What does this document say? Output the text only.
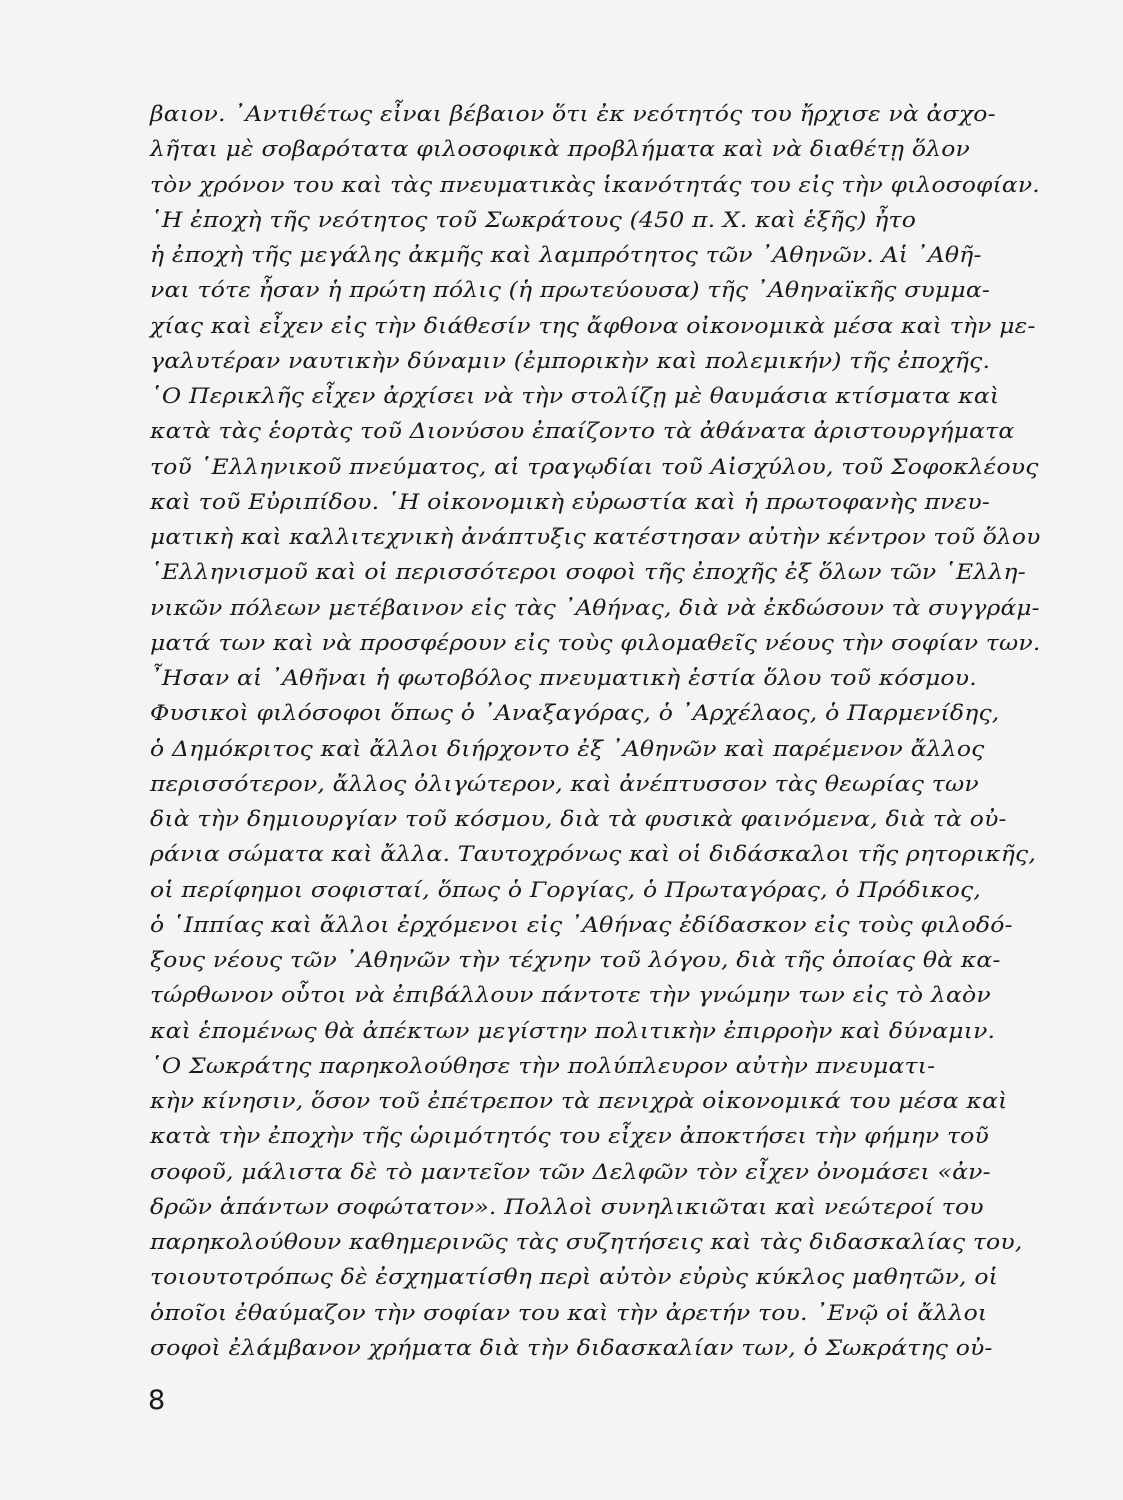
βαιον. ᾿Αντιθέτως εἶναι βέβαιον ὅτι ἐκ νεότητός του ἤρχισε νὰ ἀσχο-
λῆται μὲ σοβαρότατα φιλοσοφικὰ προβλήματα καὶ νὰ διαθέτῃ ὅλον
τὸν χρόνον του καὶ τὰς πνευματικὰς ἱκανότητάς του εἰς τὴν φιλοσοφίαν.
῾Η ἐποχὴ τῆς νεότητος τοῦ Σωκράτους (450 π. Χ. καὶ ἑξῆς) ἦτο
ἡ ἐποχὴ τῆς μεγάλης ἀκμῆς καὶ λαμπρότητος τῶν ᾿Αθηνῶν. Αἱ ᾿Αθῆ-
ναι τότε ἦσαν ἡ πρώτη πόλις (ἡ πρωτεύουσα) τῆς ᾿Αθηναϊκῆς συμμα-
χίας καὶ εἶχεν εἰς τὴν διάθεσίν της ἄφθονα οἰκονομικὰ μέσα καὶ τὴν με-
γαλυτέραν ναυτικὴν δύναμιν (ἐμπορικὴν καὶ πολεμικήν) τῆς ἐποχῆς.
῾Ο Περικλῆς εἶχεν ἀρχίσει νὰ τὴν στολίζῃ μὲ θαυμάσια κτίσματα καὶ
κατὰ τὰς ἑορτὰς τοῦ Διονύσου ἐπαίζοντο τὰ ἀθάνατα ἀριστουργήματα
τοῦ ῾Ελληνικοῦ πνεύματος, αἱ τραγῳδίαι τοῦ Αἰσχύλου, τοῦ Σοφοκλέους
καὶ τοῦ Εὐριπίδου. ῾Η οἰκονομικὴ εὐρωστία καὶ ἡ πρωτοφανὴς πνευ-
ματικὴ καὶ καλλιτεχνικὴ ἀνάπτυξις κατέστησαν αὐτὴν κέντρον τοῦ ὅλου
῾Ελληνισμοῦ καὶ οἱ περισσότεροι σοφοὶ τῆς ἐποχῆς ἐξ ὅλων τῶν ῾Ελλη-
νικῶν πόλεων μετέβαινον εἰς τὰς ᾿Αθήνας, διὰ νὰ ἐκδώσουν τὰ συγγράμ-
ματά των καὶ νὰ προσφέρουν εἰς τοὺς φιλομαθεῖς νέους τὴν σοφίαν των.
῏Ησαν αἱ ᾿Αθῆναι ἡ φωτοβόλος πνευματικὴ ἑστία ὅλου τοῦ κόσμου.
Φυσικοὶ φιλόσοφοι ὅπως ὁ ᾿Αναξαγόρας, ὁ ᾿Αρχέλαος, ὁ Παρμενίδης,
ὁ Δημόκριτος καὶ ἄλλοι διήρχοντο ἐξ ᾿Αθηνῶν καὶ παρέμενον ἄλλος
περισσότερον, ἄλλος ὀλιγώτερον, καὶ ἀνέπτυσσον τὰς θεωρίας των
διὰ τὴν δημιουργίαν τοῦ κόσμου, διὰ τὰ φυσικὰ φαινόμενα, διὰ τὰ οὐ-
ράνια σώματα καὶ ἄλλα. Ταυτοχρόνως καὶ οἱ διδάσκαλοι τῆς ρητορικῆς,
οἱ περίφημοι σοφισταί, ὅπως ὁ Γοργίας, ὁ Πρωταγόρας, ὁ Πρόδικος,
ὁ ῾Ιππίας καὶ ἄλλοι ἐρχόμενοι εἰς ᾿Αθήνας ἐδίδασκον εἰς τοὺς φιλοδό-
ξους νέους τῶν ᾿Αθηνῶν τὴν τέχνην τοῦ λόγου, διὰ τῆς ὁποίας θὰ κα-
τώρθωνον οὗτοι νὰ ἐπιβάλλουν πάντοτε τὴν γνώμην των εἰς τὸ λαὸν
καὶ ἑπομένως θὰ ἀπέκτων μεγίστην πολιτικὴν ἐπιρροὴν καὶ δύναμιν.
῾Ο Σωκράτης παρηκολούθησε τὴν πολύπλευρον αὐτὴν πνευματι-
κὴν κίνησιν, ὅσον τοῦ ἐπέτρεπον τὰ πενιχρὰ οἰκονομικά του μέσα καὶ
κατὰ τὴν ἐποχὴν τῆς ὡριμότητός του εἶχεν ἀποκτήσει τὴν φήμην τοῦ
σοφοῦ, μάλιστα δὲ τὸ μαντεῖον τῶν Δελφῶν τὸν εἶχεν ὀνομάσει «ἀν-
δρῶν ἁπάντων σοφώτατον». Πολλοὶ συνηλικιῶται καὶ νεώτεροί του
παρηκολούθουν καθημερινῶς τὰς συζητήσεις καὶ τὰς διδασκαλίας του,
τοιουτοτρόπως δὲ ἐσχηματίσθη περὶ αὐτὸν εὐρὺς κύκλος μαθητῶν, οἱ
ὁποῖοι ἐθαύμαζον τὴν σοφίαν του καὶ τὴν ἀρετήν του. ᾿Ενῷ οἱ ἄλλοι
σοφοὶ ἐλάμβανον χρήματα διὰ τὴν διδασκαλίαν των, ὁ Σωκράτης οὐ-
8
